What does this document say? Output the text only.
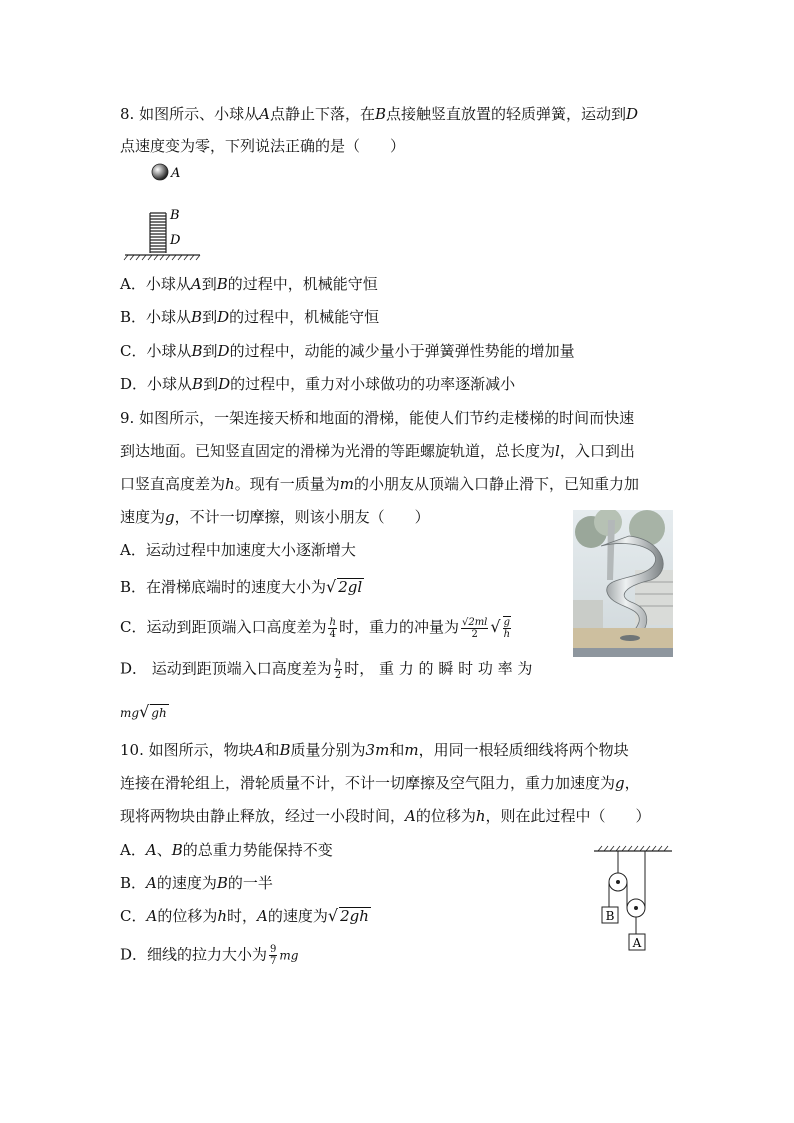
8. 如图所示、小球从A点静止下落，在B点接触竖直放置的轻质弹簧，运动到D
点速度变为零，下列说法正确的是（　　）
A
B
D
A．小球从A到B的过程中，机械能守恒
B．小球从B到D的过程中，机械能守恒
C．小球从B到D的过程中，动能的减少量小于弹簧弹性势能的增加量
D．小球从B到D的过程中，重力对小球做功的功率逐渐减小
9. 如图所示，一架连接天桥和地面的滑梯，能使人们节约走楼梯的时间而快速
到达地面。已知竖直固定的滑梯为光滑的等距螺旋轨道，总长度为l，入口到出
口竖直高度差为h。现有一质量为m的小朋友从顶端入口静止滑下，已知重力加
速度为g，不计一切摩擦，则该小朋友（　　）
A．运动过程中加速度大小逐渐增大
B．在滑梯底端时的速度大小为√ 2gl
C．运动到距顶端入口高度差为 $\frac{h}{4}$ 时，重力的冲量为 $\frac{√2ml}{2}$ √ $\frac{g}{h}$
D． 运动到距顶端入口高度差为 $\frac{h}{2}$ 时， 重 力 的 瞬 时 功 率 为
mg√ gh
10. 如图所示，物块A和B质量分别为3m和m，用同一根轻质细线将两个物块
连接在滑轮组上，滑轮质量不计，不计一切摩擦及空气阻力，重力加速度为g，
现将两物块由静止释放，经过一小段时间，A的位移为h，则在此过程中（　　）
A．A、B的总重力势能保持不变
B．A的速度为B的一半
C．A的位移为h时，A的速度为√ 2gh
D．细线的拉力大小为 $\frac{9}{7}$ mg
B
A
